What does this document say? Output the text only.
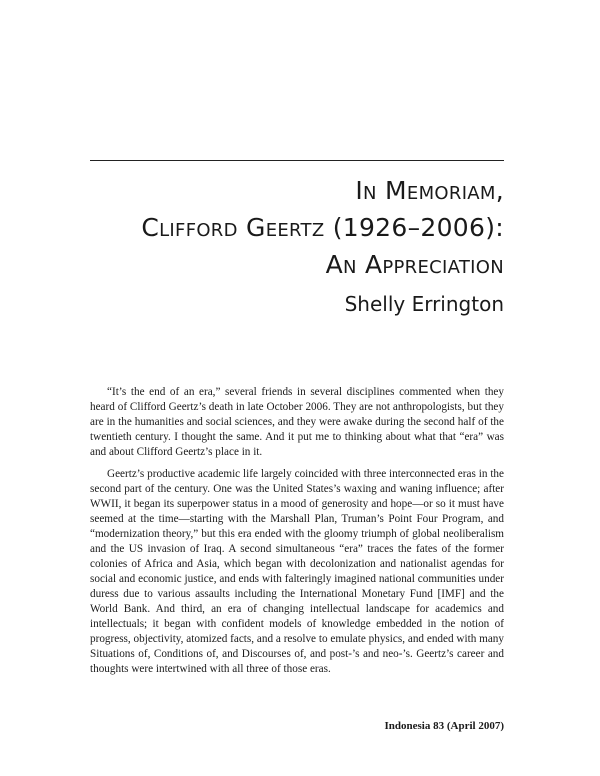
In Memoriam,
Clifford Geertz (1926–2006):
An Appreciation
Shelly Errington

“It’s the end of an era,” several friends in several disciplines commented when they heard of Clifford Geertz’s death in late October 2006. They are not anthropologists, but they are in the humanities and social sciences, and they were awake during the second half of the twentieth century. I thought the same. And it put me to thinking about what that “era” was and about Clifford Geertz’s place in it.

Geertz’s productive academic life largely coincided with three interconnected eras in the second part of the century. One was the United States’s waxing and waning influence; after WWII, it began its superpower status in a mood of generosity and hope—or so it must have seemed at the time—starting with the Marshall Plan, Truman’s Point Four Program, and “modernization theory,” but this era ended with the gloomy triumph of global neoliberalism and the US invasion of Iraq. A second simultaneous “era” traces the fates of the former colonies of Africa and Asia, which began with decolonization and nationalist agendas for social and economic justice, and ends with falteringly imagined national communities under duress due to various assaults including the International Monetary Fund [IMF] and the World Bank. And third, an era of changing intellectual landscape for academics and intellectuals; it began with confident models of knowledge embedded in the notion of progress, objectivity, atomized facts, and a resolve to emulate physics, and ended with many Situations of, Conditions of, and Discourses of, and post-’s and neo-’s. Geertz’s career and thoughts were intertwined with all three of those eras.

Indonesia 83 (April 2007)
